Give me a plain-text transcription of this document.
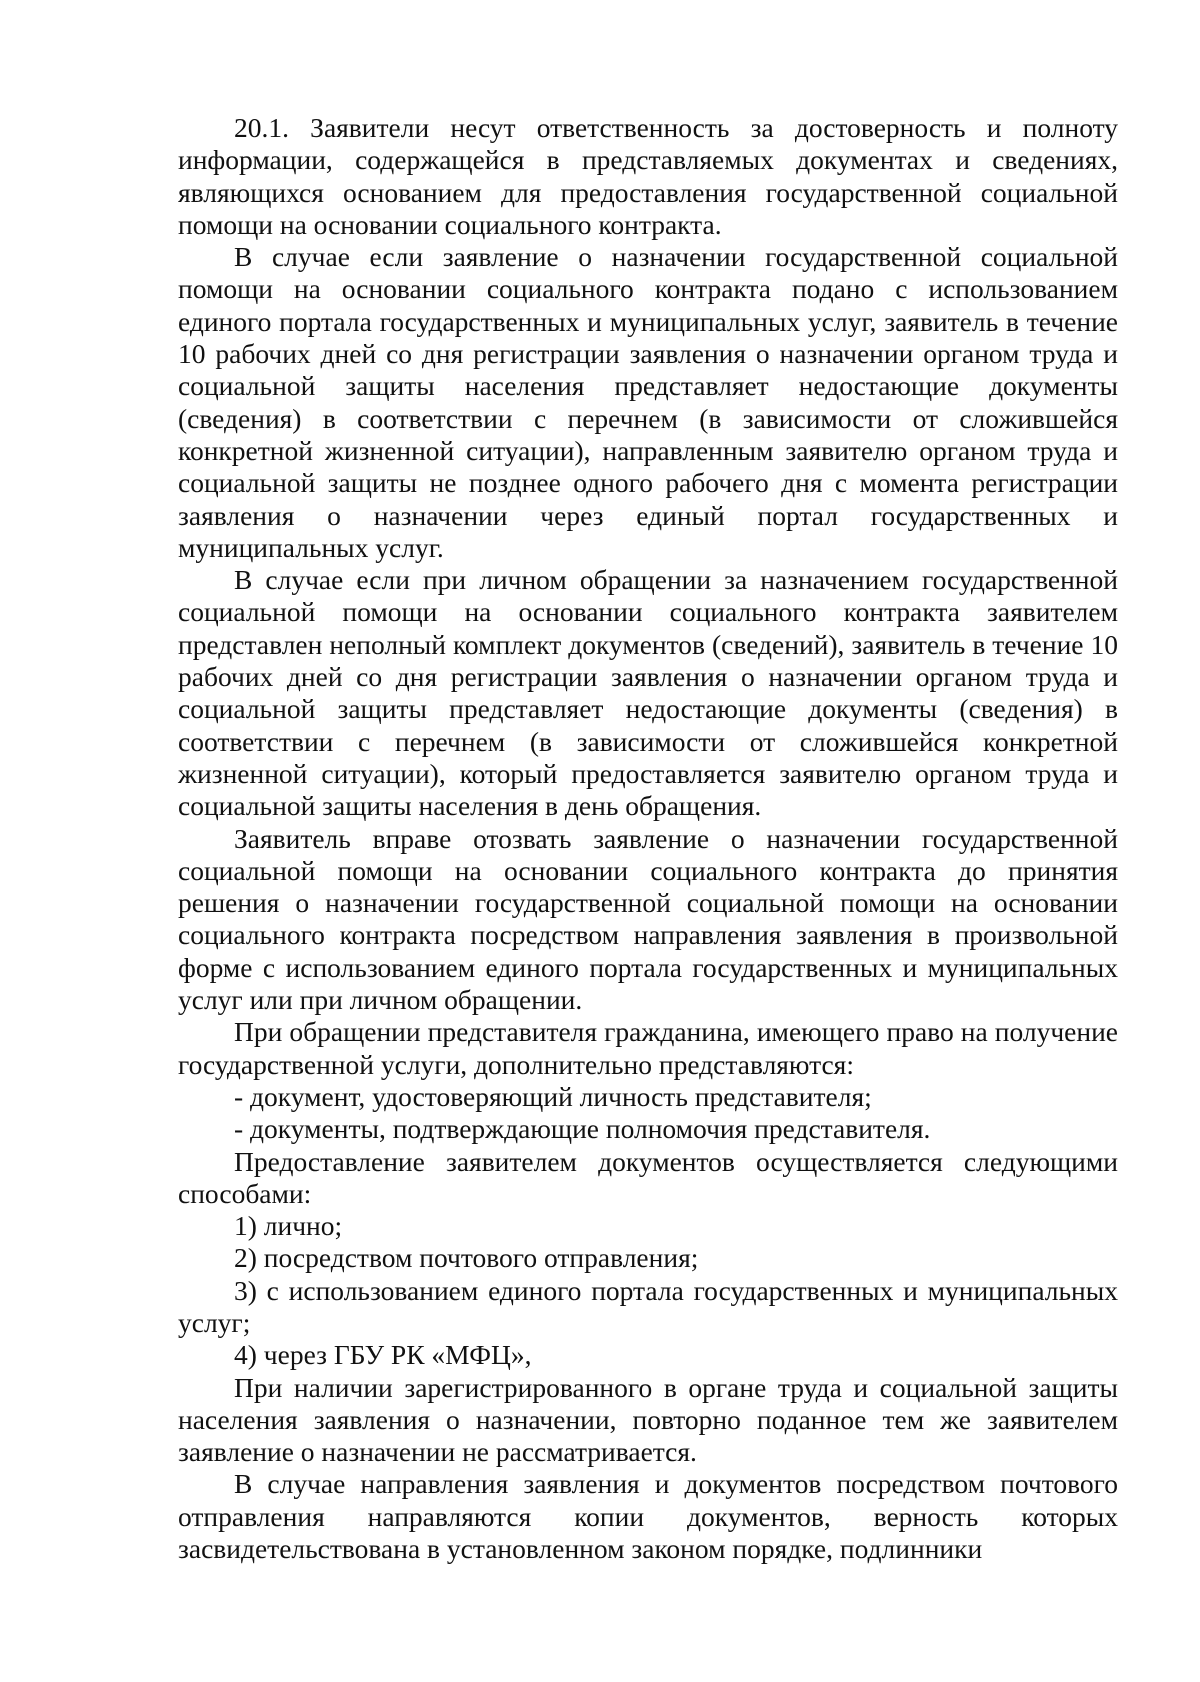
20.1. Заявители несут ответственность за достоверность и полноту информации, содержащейся в представляемых документах и сведениях, являющихся основанием для предоставления государственной социальной помощи на основании социального контракта.

В случае если заявление о назначении государственной социальной помощи на основании социального контракта подано с использованием единого портала государственных и муниципальных услуг, заявитель в течение 10 рабочих дней со дня регистрации заявления о назначении органом труда и социальной защиты населения представляет недостающие документы (сведения) в соответствии с перечнем (в зависимости от сложившейся конкретной жизненной ситуации), направленным заявителю органом труда и социальной защиты не позднее одного рабочего дня с момента регистрации заявления о назначении через единый портал государственных и муниципальных услуг.

В случае если при личном обращении за назначением государственной социальной помощи на основании социального контракта заявителем представлен неполный комплект документов (сведений), заявитель в течение 10 рабочих дней со дня регистрации заявления о назначении органом труда и социальной защиты представляет недостающие документы (сведения) в соответствии с перечнем (в зависимости от сложившейся конкретной жизненной ситуации), который предоставляется заявителю органом труда и социальной защиты населения в день обращения.

Заявитель вправе отозвать заявление о назначении государственной социальной помощи на основании социального контракта до принятия решения о назначении государственной социальной помощи на основании социального контракта посредством направления заявления в произвольной форме с использованием единого портала государственных и муниципальных услуг или при личном обращении.

При обращении представителя гражданина, имеющего право на получение государственной услуги, дополнительно представляются:

- документ, удостоверяющий личность представителя;

- документы, подтверждающие полномочия представителя.

Предоставление заявителем документов осуществляется следующими способами:

1) лично;

2) посредством почтового отправления;

3) с использованием единого портала государственных и муниципальных услуг;

4) через ГБУ РК «МФЦ»,

При наличии зарегистрированного в органе труда и социальной защиты населения заявления о назначении, повторно поданное тем же заявителем заявление о назначении не рассматривается.

В случае направления заявления и документов посредством почтового отправления направляются копии документов, верность которых засвидетельствована в установленном законом порядке, подлинники
